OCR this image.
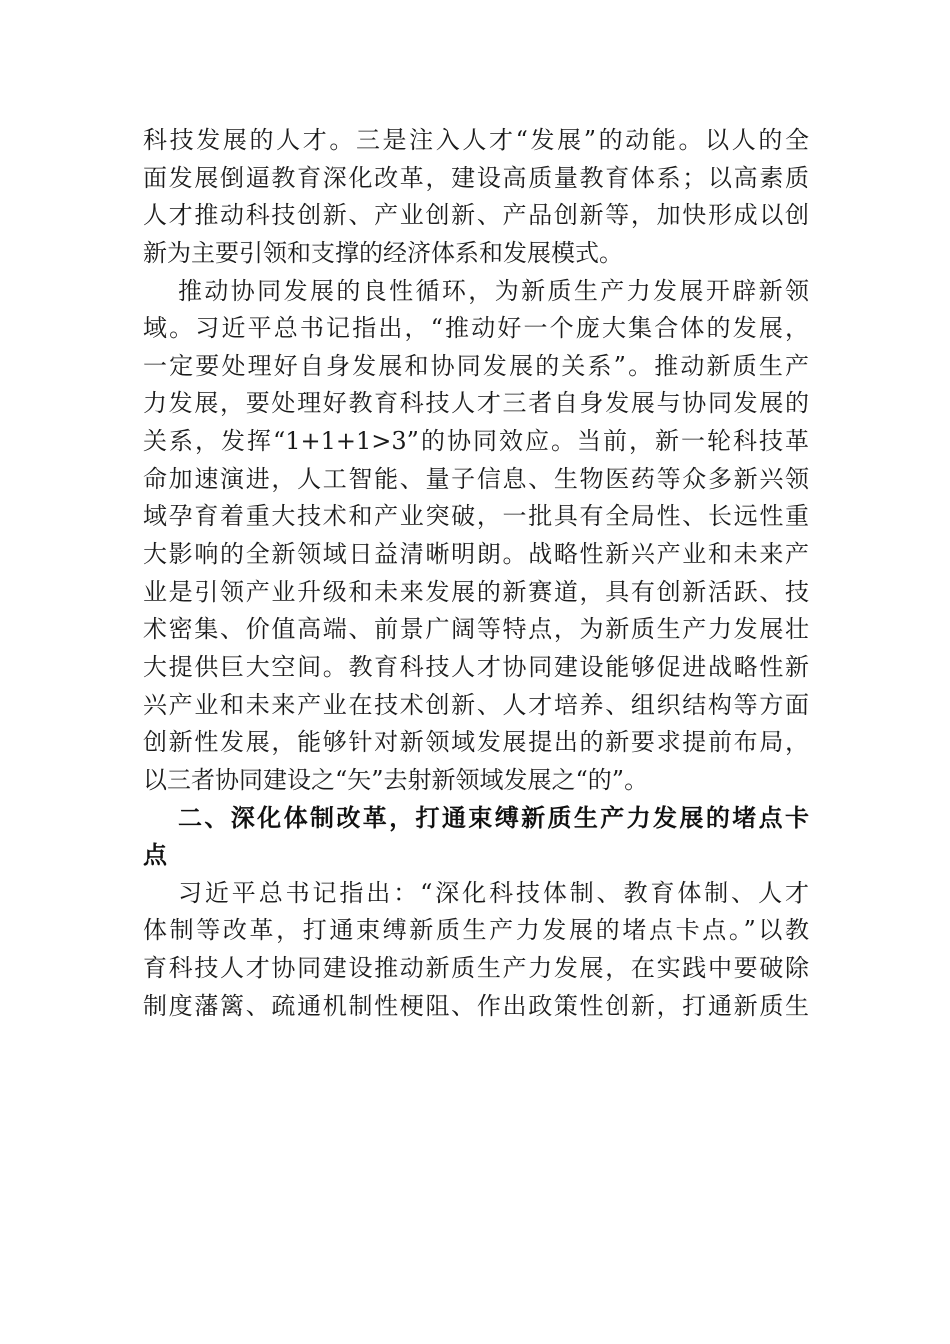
科技发展的人才。三是注入人才“发展”的动能。以人的全
面发展倒逼教育深化改革，建设高质量教育体系；以高素质
人才推动科技创新、产业创新、产品创新等，加快形成以创
新为主要引领和支撑的经济体系和发展模式。
推动协同发展的良性循环，为新质生产力发展开辟新领
域。习近平总书记指出，“推动好一个庞大集合体的发展，
一定要处理好自身发展和协同发展的关系”。推动新质生产
力发展，要处理好教育科技人才三者自身发展与协同发展的
关系，发挥“1+1+1>3”的协同效应。当前，新一轮科技革
命加速演进，人工智能、量子信息、生物医药等众多新兴领
域孕育着重大技术和产业突破，一批具有全局性、长远性重
大影响的全新领域日益清晰明朗。战略性新兴产业和未来产
业是引领产业升级和未来发展的新赛道，具有创新活跃、技
术密集、价值高端、前景广阔等特点，为新质生产力发展壮
大提供巨大空间。教育科技人才协同建设能够促进战略性新
兴产业和未来产业在技术创新、人才培养、组织结构等方面
创新性发展，能够针对新领域发展提出的新要求提前布局，
以三者协同建设之“矢”去射新领域发展之“的”。
二、深化体制改革，打通束缚新质生产力发展的堵点卡
点
习近平总书记指出：“深化科技体制、教育体制、人才
体制等改革，打通束缚新质生产力发展的堵点卡点。”以教
育科技人才协同建设推动新质生产力发展，在实践中要破除
制度藩篱、疏通机制性梗阻、作出政策性创新，打通新质生
